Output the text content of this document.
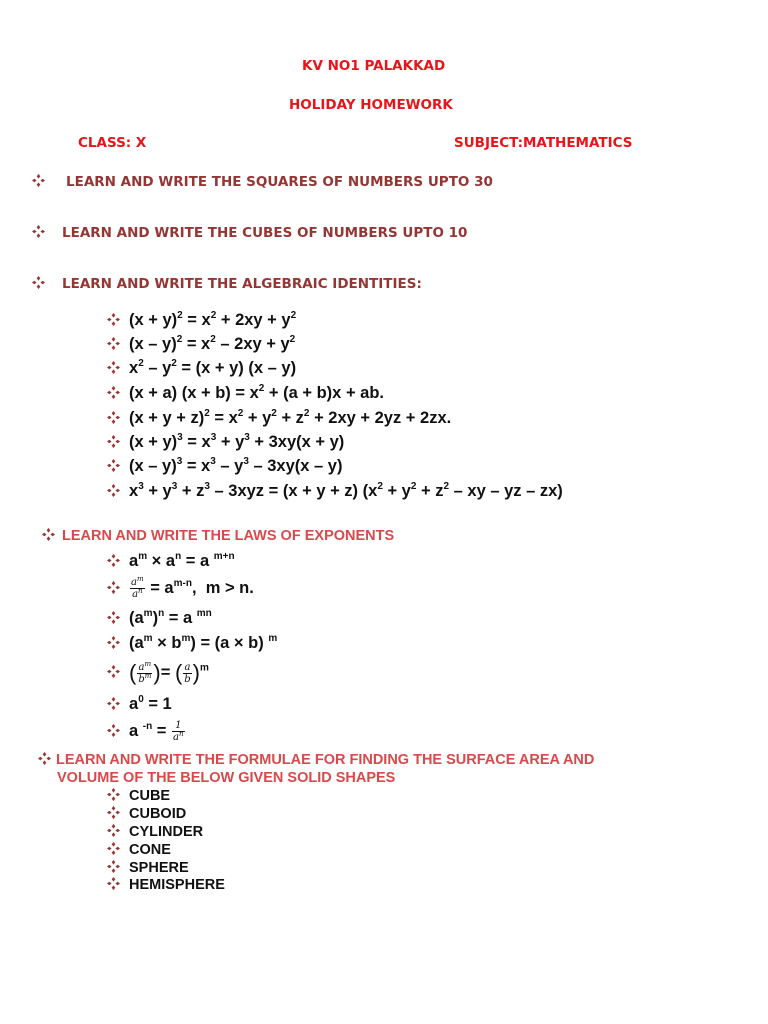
KV NO1 PALAKKAD
HOLIDAY HOMEWORK
CLASS: X	SUBJECT:MATHEMATICS
LEARN AND WRITE THE SQUARES OF NUMBERS UPTO 30
LEARN AND WRITE THE CUBES OF NUMBERS UPTO 10
LEARN AND WRITE THE ALGEBRAIC IDENTITIES:
$(x + y)^2 = x^2 + 2xy + y^2$
$(x - y)^2 = x^2 - 2xy + y^2$
$x^2 - y^2 = (x + y)$ (x – y)
(x + a) $(x + b) = x^2 + (a + b)x$ + ab.
$(x + y + z)^2 = x^2 + y^2 + z^2 + 2xy + 2yz + 2zx$.
$(x + y)^3 = x^3 + y^3 + 3xy(x + y)$
$(x - y)^3 = x^3 - y^3 - 3xy(x - y)$
$x^3 + y^3 + z^3 - 3xyz = (x + y + z) (x^2 + y^2 + z^2$ – xy – yz – zx)
LEARN AND WRITE THE LAWS OF EXPONENTS
$a^m \times a^n = a$ $^{m+n}$
$\frac{a^m}{a^n} = a^{m-n}$,  m > n.
$(a^m)^n = a$ $^{mn}$
$(a^m \times b^m) = (a \times b)$ $^m$
( $\frac{a^m}{b^m}$ )= ( $\frac{a}{b} )^m$
$a^0 = 1$
a $^{-n} = \frac{1}{a^n}$
LEARN AND WRITE THE FORMULAE FOR FINDING THE SURFACE AREA AND
VOLUME OF THE BELOW GIVEN SOLID SHAPES
CUBE
CUBOID
CYLINDER
CONE
SPHERE
HEMISPHERE
